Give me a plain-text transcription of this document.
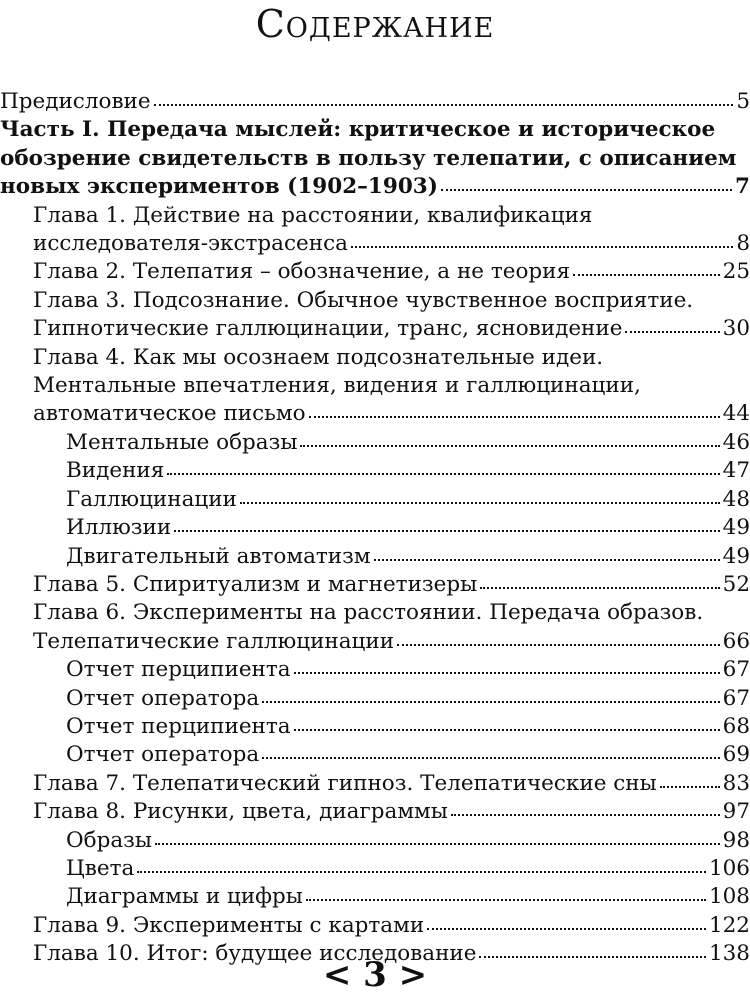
Содержание
Предисловие	5
Часть I. Передача мыслей: критическое и историческое
обозрение свидетельств в пользу телепатии, с описанием
новых экспериментов (1902–1903)	7
Глава 1. Действие на расстоянии, квалификация
исследователя-экстрасенса	8
Глава 2. Телепатия – обозначение, а не теория	25
Глава 3. Подсознание. Обычное чувственное восприятие.
Гипнотические галлюцинации, транс, ясновидение	30
Глава 4. Как мы осознаем подсознательные идеи.
Ментальные впечатления, видения и галлюцинации,
автоматическое письмо	44
Ментальные образы	46
Видения	47
Галлюцинации	48
Иллюзии	49
Двигательный автоматизм	49
Глава 5. Спиритуализм и магнетизеры	52
Глава 6. Эксперименты на расстоянии. Передача образов.
Телепатические галлюцинации	66
Отчет перципиента	67
Отчет оператора	67
Отчет перципиента	68
Отчет оператора	69
Глава 7. Телепатический гипноз. Телепатические сны	83
Глава 8. Рисунки, цвета, диаграммы	97
Образы	98
Цвета	106
Диаграммы и цифры	108
Глава 9. Эксперименты с картами	122
Глава 10. Итог: будущее исследование	138
< 3 >
